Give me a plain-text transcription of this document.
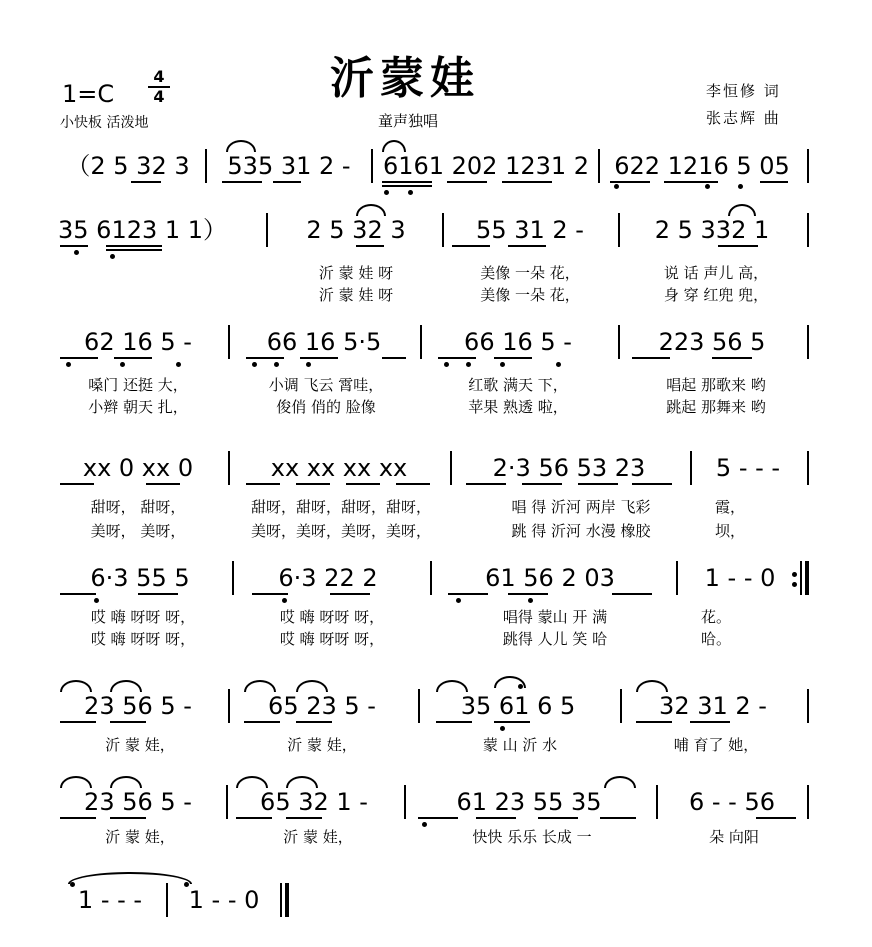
沂蒙娃
$1=C \frac{4}{4}$
小快板 活泼地	童声独唱
李恒修 词
张志辉 曲
（2 5 32 3	535 31 2 -	6161 202 1231 2	622 1216 5 05
35 6123 1 1）	2 5 32 3	55 31 2 -	2 5 332 1
沂 蒙 娃 呀	美像 一朵 花，	说 话 声儿 高，
沂 蒙 娃 呀	美像 一朵 花，	身 穿 红兜 兜，
62 16 5 -	66 16 5·5	66 16 5 -	223 56 5
嗓门 还挺 大，	小调 飞云 霄哇，	红歌 满天 下，	唱起 那歌来 哟
小辫 朝天 扎，	俊俏 俏的 脸像	苹果 熟透 啦，	跳起 那舞来 哟
xx 0 xx 0	xx xx xx xx	2·3 56 53 23	5 - - -
甜呀， 甜呀，	甜呀，甜呀，甜呀，甜呀，	唱 得 沂河 两岸 飞彩	霞，
美呀， 美呀，	美呀，美呀，美呀，美呀，	跳 得 沂河 水漫 橡胶	坝，
6·3 55 5	6·3 22 2	61 56 2 03	1 - - 0
哎 嗨 呀呀 呀，	哎 嗨 呀呀 呀，	唱得 蒙山 开 满	花。
哎 嗨 呀呀 呀，	哎 嗨 呀呀 呀，	跳得 人儿 笑 哈	哈。
23 56 5 -	65 23 5 -	35 61 6 5	32 31 2 -
沂 蒙 娃，	沂 蒙 娃，	蒙 山 沂 水	哺 育了 她，
23 56 5 -	65 32 1 -	61 23 55 35	6 - - 56
沂 蒙 娃，	沂 蒙 娃，	快快 乐乐 长成 一	朵 向阳
1 - - -	1 - - 0
